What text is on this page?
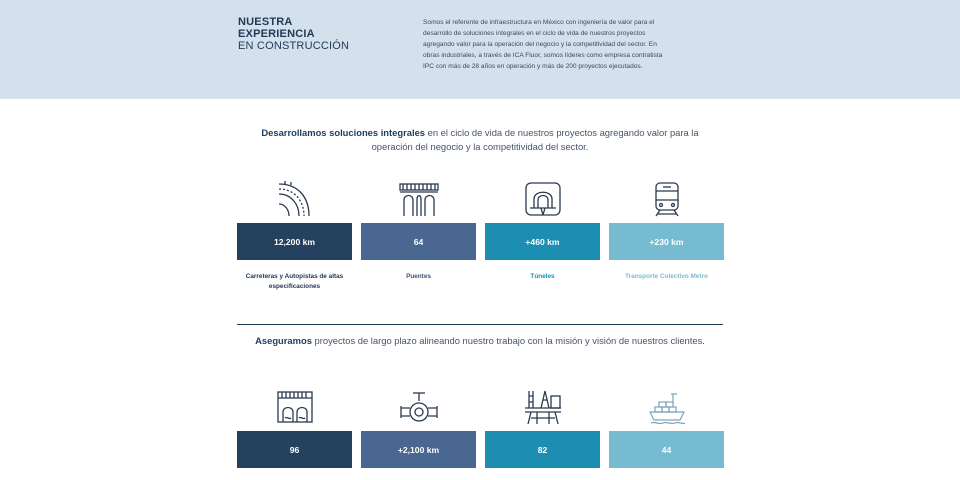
NUESTRA
EXPERIENCIA
EN CONSTRUCCIÓN
Somos el referente de infraestructura en México con ingeniería de valor para el desarrollo de soluciones integrales en el ciclo de vida de nuestros proyectos agregando valor para la operación del negocio y la competitividad del sector. En obras industriales, a través de ICA Fluor, somos líderes como empresa contratista IPC con más de 28 años en operación y más de 200 proyectos ejecutados.
Desarrollamos soluciones integrales en el ciclo de vida de nuestros proyectos agregando valor para la operación del negocio y la competitividad del sector.
12,200 km
Carreteras y Autopistas de altas especificaciones
64
Puentes
+460 km
Túneles
+230 km
Transporte Colectivo Metro
Aseguramos proyectos de largo plazo alineando nuestro trabajo con la misión y visión de nuestros clientes.
96	+2,100 km	82	44
